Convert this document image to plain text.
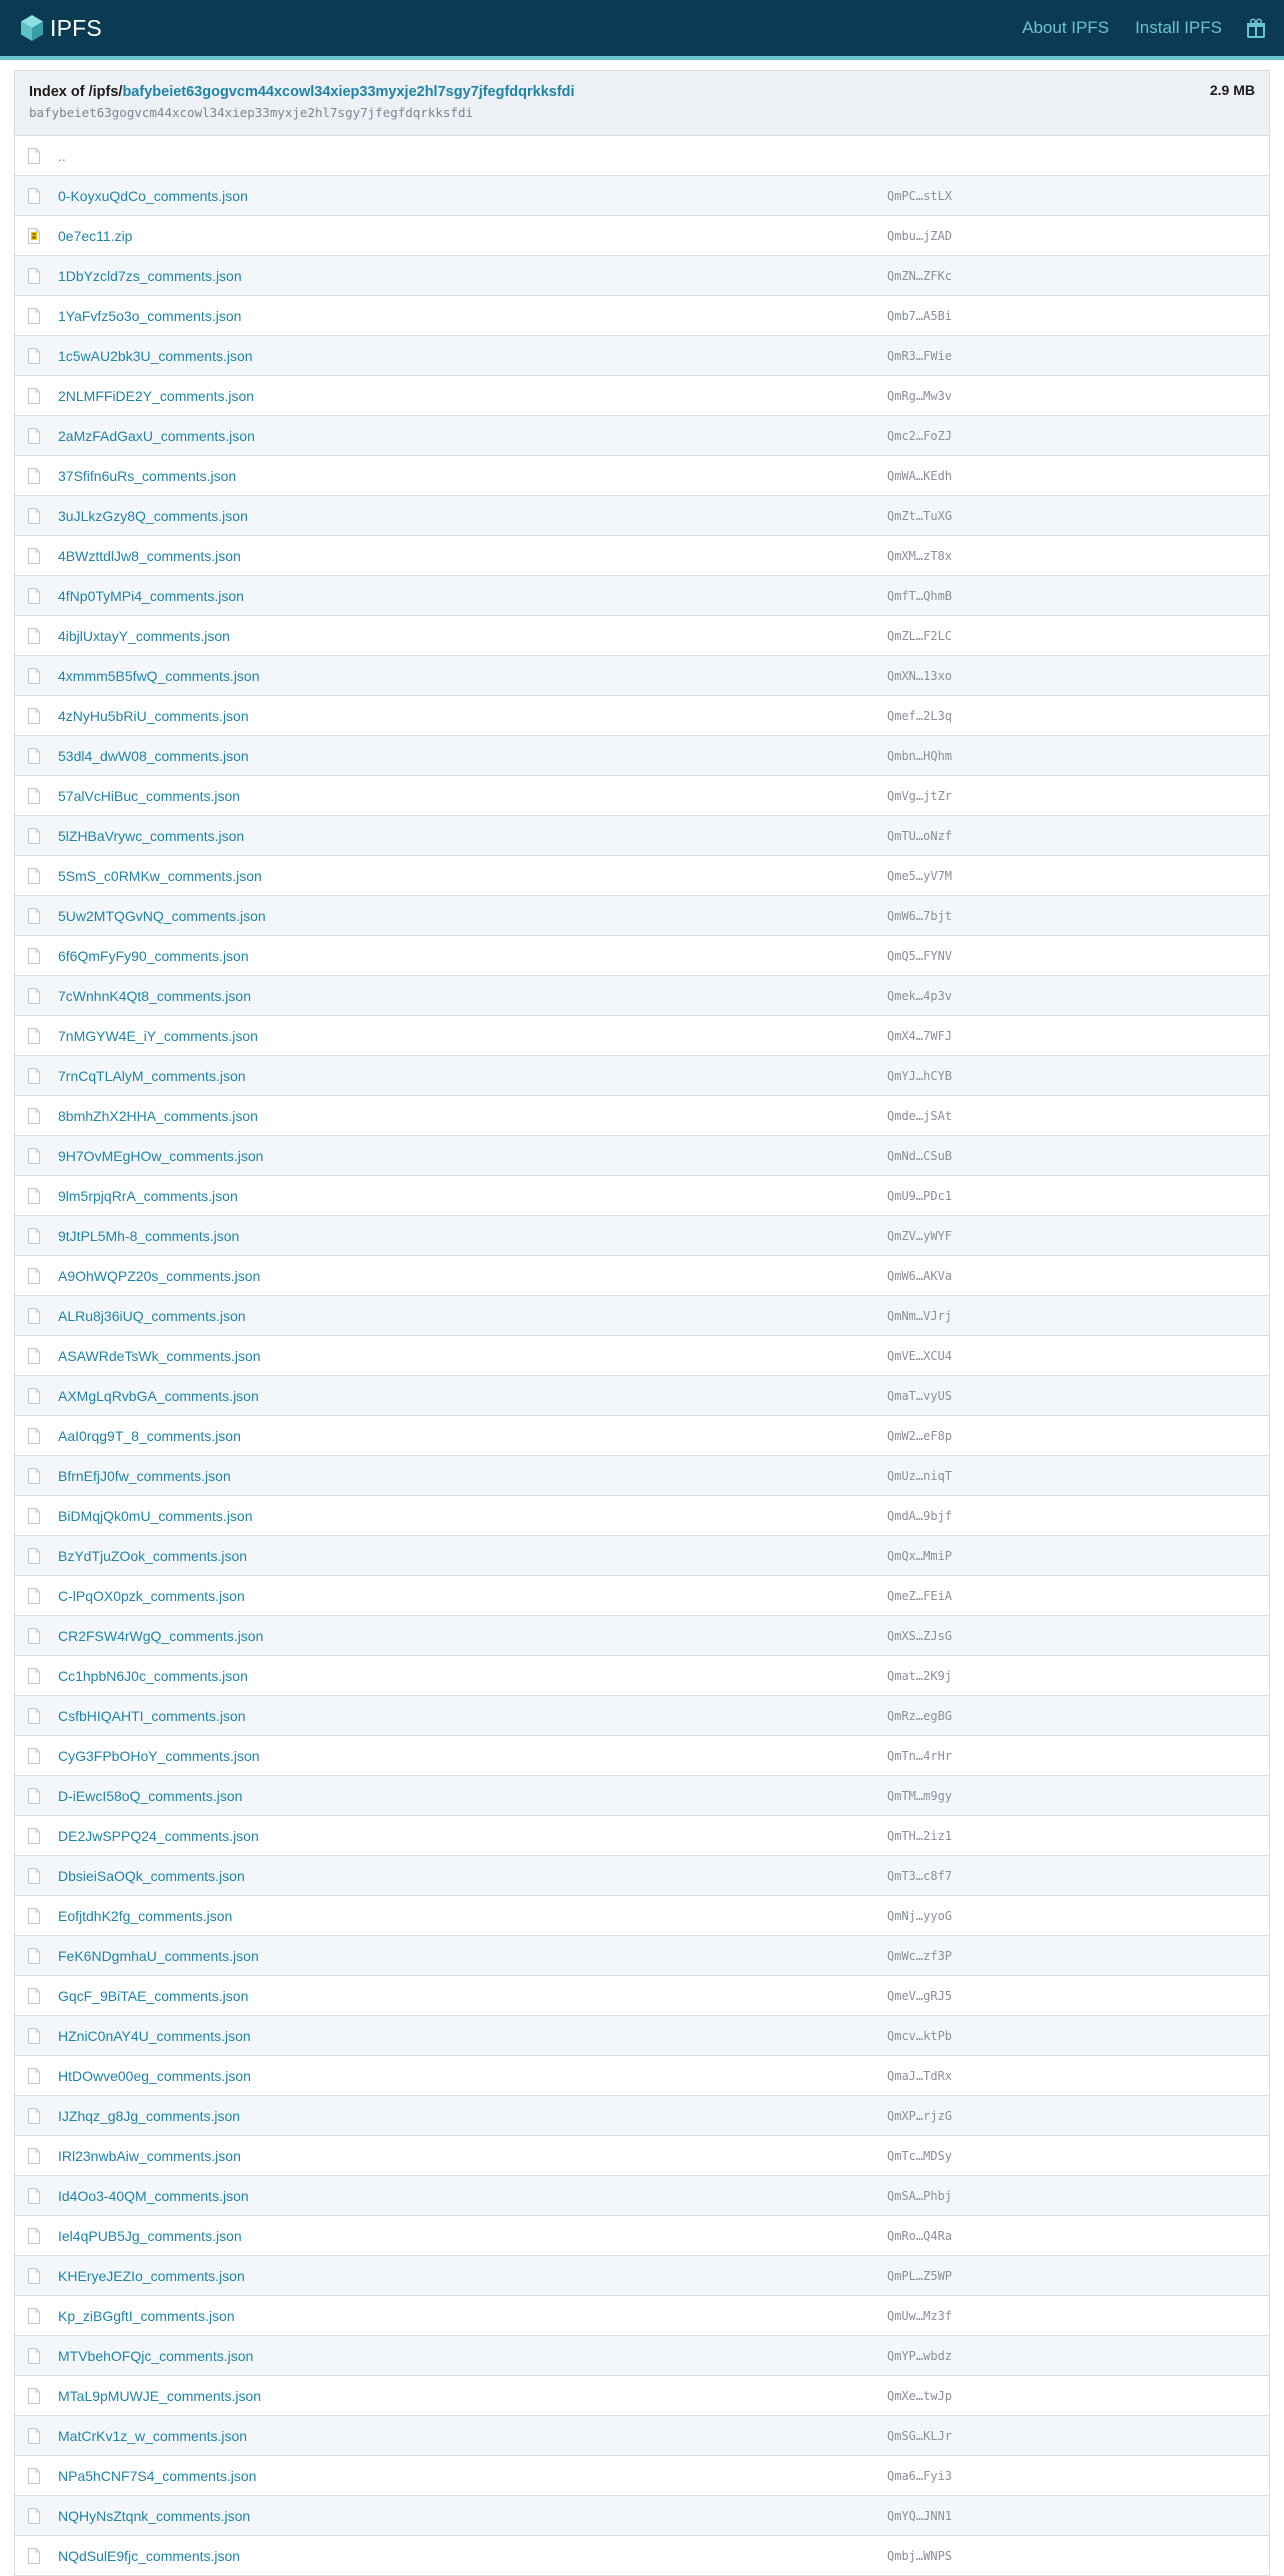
IPFS	About IPFS Install IPFS
Index of /ipfs/bafybeiet63gogvcm44xcowl34xiep33myxje2hl7sgy7jfegfdqrkksfdi
bafybeiet63gogvcm44xcowl34xiep33myxje2hl7sgy7jfegfdqrkksfdi
2.9 MB
..
0-KoyxuQdCo_comments.json	QmPC…stLX
0e7ec11.zip	Qmbu…jZAD
1DbYzcld7zs_comments.json	QmZN…ZFKc
1YaFvfz5o3o_comments.json	Qmb7…A5Bi
1c5wAU2bk3U_comments.json	QmR3…FWie
2NLMFFiDE2Y_comments.json	QmRg…Mw3v
2aMzFAdGaxU_comments.json	Qmc2…FoZJ
37Sfifn6uRs_comments.json	QmWA…KEdh
3uJLkzGzy8Q_comments.json	QmZt…TuXG
4BWzttdlJw8_comments.json	QmXM…zT8x
4fNp0TyMPi4_comments.json	QmfT…QhmB
4ibjlUxtayY_comments.json	QmZL…F2LC
4xmmm5B5fwQ_comments.json	QmXN…13xo
4zNyHu5bRiU_comments.json	Qmef…2L3q
53dl4_dwW08_comments.json	Qmbn…HQhm
57alVcHiBuc_comments.json	QmVg…jtZr
5lZHBaVrywc_comments.json	QmTU…oNzf
5SmS_c0RMKw_comments.json	Qme5…yV7M
5Uw2MTQGvNQ_comments.json	QmW6…7bjt
6f6QmFyFy90_comments.json	QmQ5…FYNV
7cWnhnK4Qt8_comments.json	Qmek…4p3v
7nMGYW4E_iY_comments.json	QmX4…7WFJ
7rnCqTLAlyM_comments.json	QmYJ…hCYB
8bmhZhX2HHA_comments.json	Qmde…jSAt
9H7OvMEgHOw_comments.json	QmNd…CSuB
9lm5rpjqRrA_comments.json	QmU9…PDc1
9tJtPL5Mh-8_comments.json	QmZV…yWYF
A9OhWQPZ20s_comments.json	QmW6…AKVa
ALRu8j36iUQ_comments.json	QmNm…VJrj
ASAWRdeTsWk_comments.json	QmVE…XCU4
AXMgLqRvbGA_comments.json	QmaT…vyUS
AaI0rqg9T_8_comments.json	QmW2…eF8p
BfrnEfjJ0fw_comments.json	QmUz…niqT
BiDMqjQk0mU_comments.json	QmdA…9bjf
BzYdTjuZOok_comments.json	QmQx…MmiP
C-lPqOX0pzk_comments.json	QmeZ…FEiA
CR2FSW4rWgQ_comments.json	QmXS…ZJsG
Cc1hpbN6J0c_comments.json	Qmat…2K9j
CsfbHIQAHTI_comments.json	QmRz…egBG
CyG3FPbOHoY_comments.json	QmTn…4rHr
D-iEwcI58oQ_comments.json	QmTM…m9gy
DE2JwSPPQ24_comments.json	QmTH…2iz1
DbsieiSaOQk_comments.json	QmT3…c8f7
EofjtdhK2fg_comments.json	QmNj…yyoG
FeK6NDgmhaU_comments.json	QmWc…zf3P
GqcF_9BiTAE_comments.json	QmeV…gRJ5
HZniC0nAY4U_comments.json	Qmcv…ktPb
HtDOwve00eg_comments.json	QmaJ…TdRx
IJZhqz_g8Jg_comments.json	QmXP…rjzG
IRl23nwbAiw_comments.json	QmTc…MDSy
Id4Oo3-40QM_comments.json	QmSA…Phbj
Iel4qPUB5Jg_comments.json	QmRo…Q4Ra
KHEryeJEZIo_comments.json	QmPL…Z5WP
Kp_ziBGgftI_comments.json	QmUw…Mz3f
MTVbehOFQjc_comments.json	QmYP…wbdz
MTaL9pMUWJE_comments.json	QmXe…twJp
MatCrKv1z_w_comments.json	QmSG…KLJr
NPa5hCNF7S4_comments.json	Qma6…Fyi3
NQHyNsZtqnk_comments.json	QmYQ…JNN1
NQdSulE9fjc_comments.json	Qmbj…WNPS
